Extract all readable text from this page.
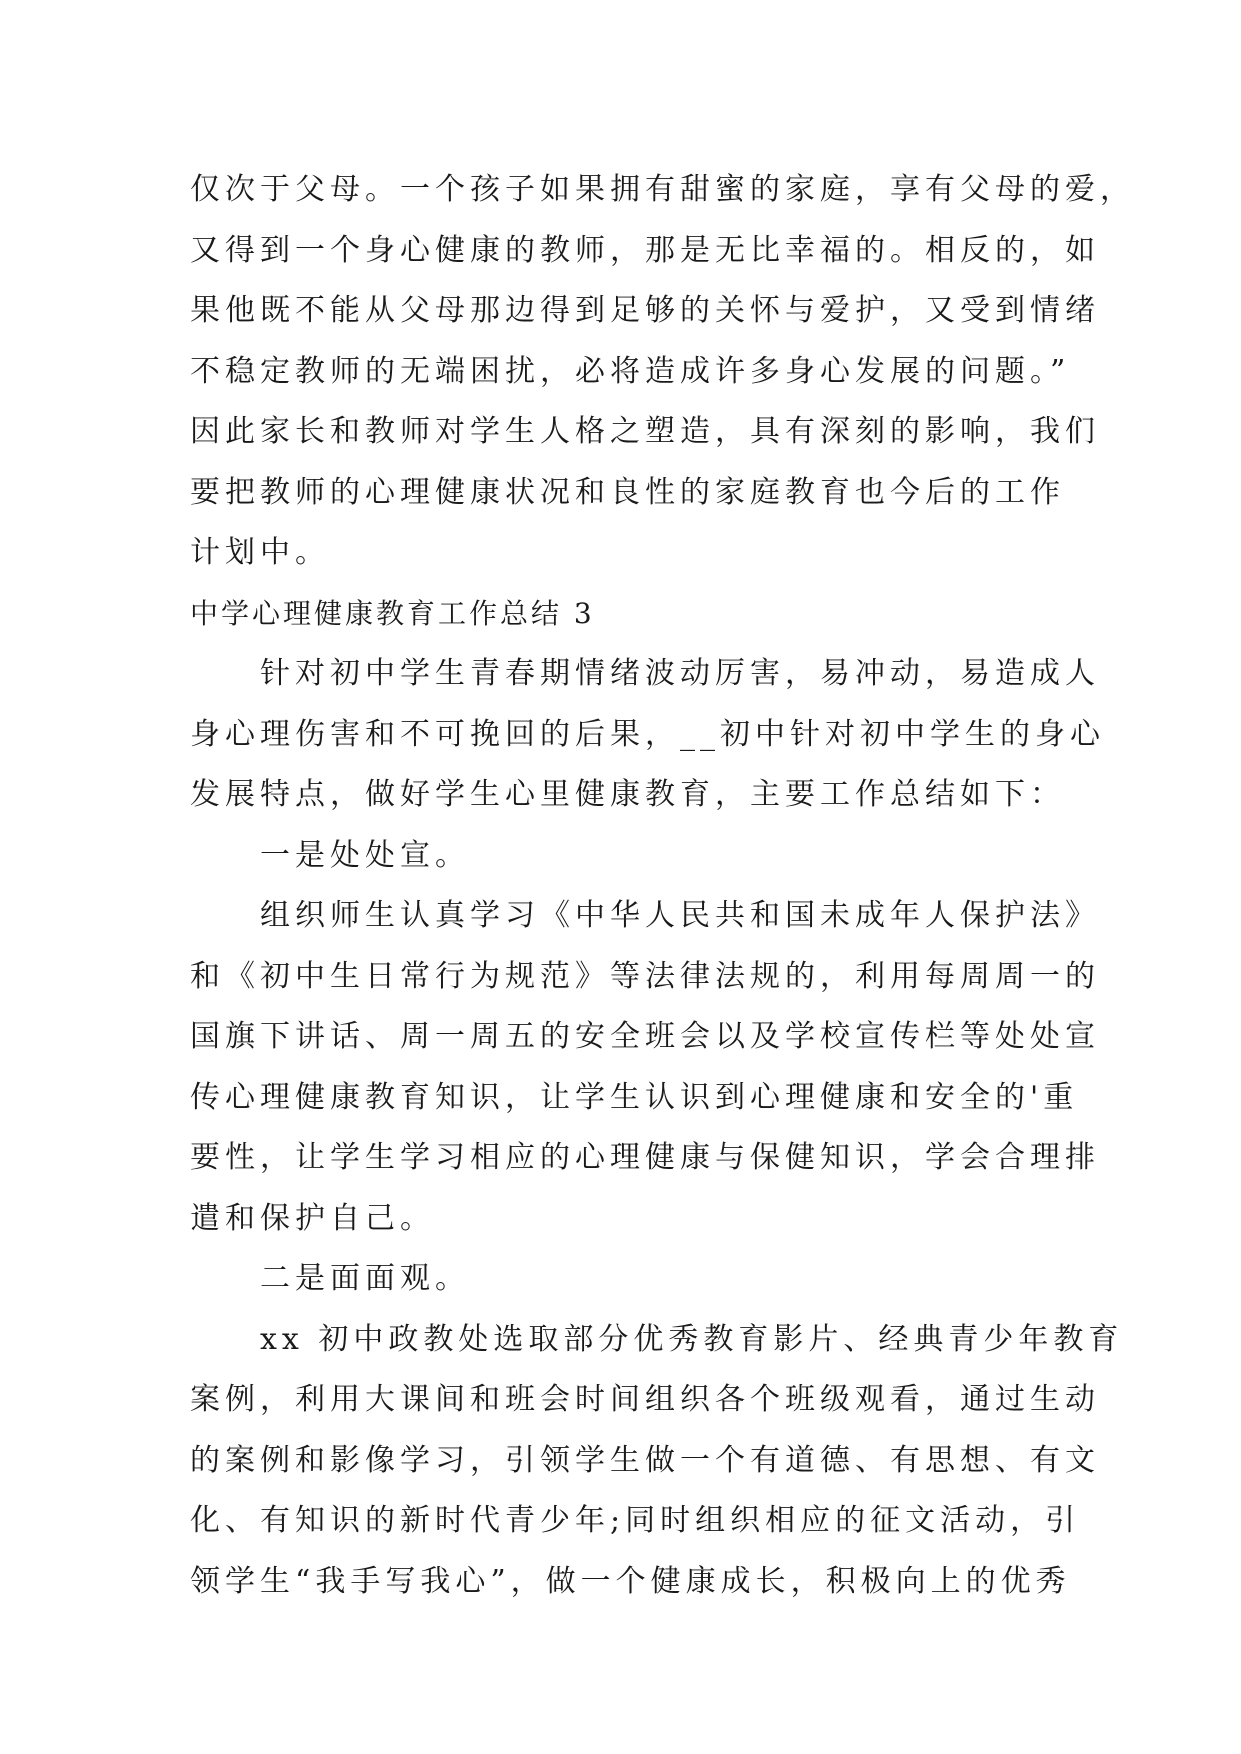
仅次于父母。一个孩子如果拥有甜蜜的家庭，享有父母的爱，
又得到一个身心健康的教师，那是无比幸福的。相反的，如
果他既不能从父母那边得到足够的关怀与爱护，又受到情绪
不稳定教师的无端困扰，必将造成许多身心发展的问题。”
因此家长和教师对学生人格之塑造，具有深刻的影响，我们
要把教师的心理健康状况和良性的家庭教育也今后的工作
计划中。
中学心理健康教育工作总结 3
　　针对初中学生青春期情绪波动厉害，易冲动，易造成人
身心理伤害和不可挽回的后果，__初中针对初中学生的身心
发展特点，做好学生心里健康教育，主要工作总结如下：
　　一是处处宣。
　　组织师生认真学习《中华人民共和国未成年人保护法》
和《初中生日常行为规范》等法律法规的，利用每周周一的
国旗下讲话、周一周五的安全班会以及学校宣传栏等处处宣
传心理健康教育知识，让学生认识到心理健康和安全的'重
要性，让学生学习相应的心理健康与保健知识，学会合理排
遣和保护自己。
　　二是面面观。
　　xx 初中政教处选取部分优秀教育影片、经典青少年教育
案例，利用大课间和班会时间组织各个班级观看，通过生动
的案例和影像学习，引领学生做一个有道德、有思想、有文
化、有知识的新时代青少年;同时组织相应的征文活动，引
领学生“我手写我心”，做一个健康成长，积极向上的优秀
